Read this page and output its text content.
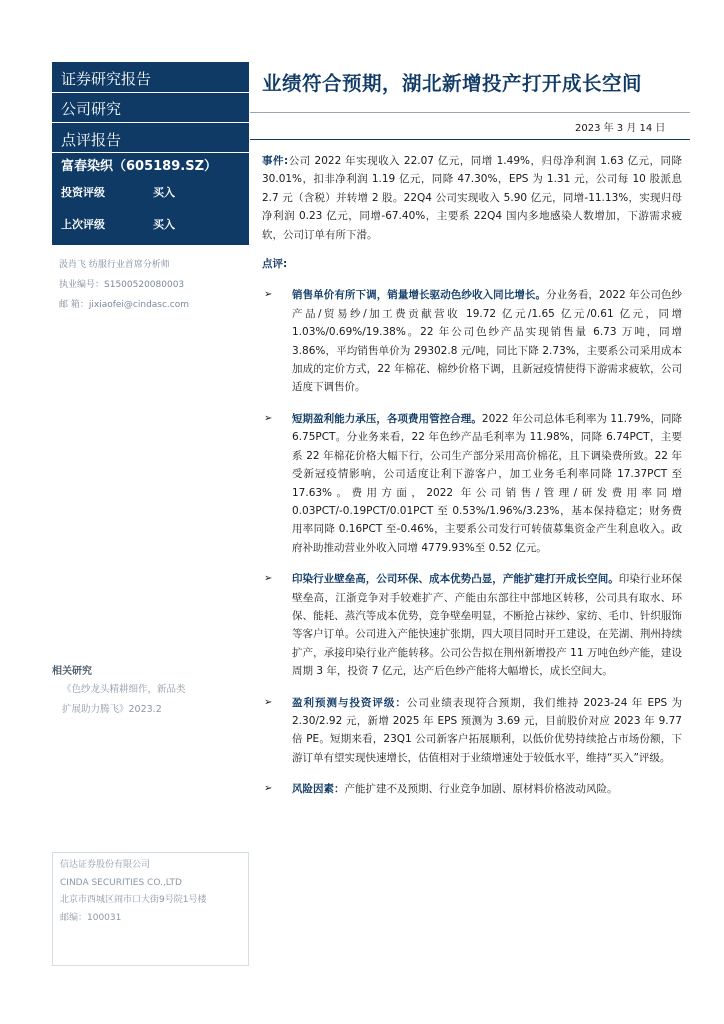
证券研究报告
公司研究
点评报告
富春染织（605189.SZ）
投资评级	买入
上次评级	买入
汲肖飞 纺服行业首席分析师
执业编号：S1500520080003
邮 箱：jixiaofei@cindasc.com
相关研究
《色纱龙头精耕细作，新品类
扩展助力腾飞》2023.2
信达证券股份有限公司
CINDA SECURITIES CO.,LTD
北京市西城区闹市口大街9号院1号楼
邮编：100031
业绩符合预期，湖北新增投产打开成长空间
2023 年 3 月 14 日
事件:公司 2022 年实现收入 22.07 亿元，同增 1.49%，归母净利润 1.63 亿元，同降 30.01%，扣非净利润 1.19 亿元，同降 47.30%，EPS 为 1.31 元，公司每 10 股派息 2.7 元（含税）并转增 2 股。22Q4 公司实现收入 5.90 亿元，同增-11.13%，实现归母净利润 0.23 亿元，同增-67.40%，主要系 22Q4 国内多地感染人数增加，下游需求疲软，公司订单有所下滑。
点评:
➢ 销售单价有所下调，销量增长驱动色纱收入同比增长。分业务看，2022 年公司色纱产品/贸易纱/加工费贡献营收 19.72 亿元/1.65 亿元/0.61 亿元，同增 1.03%/0.69%/19.38%。22 年公司色纱产品实现销售量 6.73 万吨，同增 3.86%，平均销售单价为 29302.8 元/吨，同比下降 2.73%，主要系公司采用成本加成的定价方式，22 年棉花、棉纱价格下调，且新冠疫情使得下游需求疲软，公司适度下调售价。
➢ 短期盈利能力承压，各项费用管控合理。2022 年公司总体毛利率为 11.79%，同降 6.75PCT。分业务来看，22 年色纱产品毛利率为 11.98%，同降 6.74PCT，主要系 22 年棉花价格大幅下行，公司生产部分采用高价棉花，且下调染费所致。22 年受新冠疫情影响，公司适度让利下游客户，加工业务毛利率同降 17.37PCT 至 17.63%。费用方面，2022 年公司销售/管理/研发费用率同增 0.03PCT/-0.19PCT/0.01PCT 至 0.53%/1.96%/3.23%，基本保持稳定；财务费用率同降 0.16PCT 至-0.46%，主要系公司发行可转债募集资金产生利息收入。政府补助推动营业外收入同增 4779.93%至 0.52 亿元。
➢ 印染行业壁垒高，公司环保、成本优势凸显，产能扩建打开成长空间。印染行业环保壁垒高，江浙竞争对手较难扩产、产能由东部往中部地区转移，公司具有取水、环保、能耗、蒸汽等成本优势，竞争壁垒明显，不断抢占袜纱、家纺、毛巾、针织服饰等客户订单。公司进入产能快速扩张期，四大项目同时开工建设，在芜湖、荆州持续扩产，承接印染行业产能转移。公司公告拟在荆州新增投产 11 万吨色纱产能，建设周期 3 年，投资 7 亿元，达产后色纱产能将大幅增长，成长空间大。
➢ 盈利预测与投资评级：公司业绩表现符合预期，我们维持 2023-24 年 EPS 为 2.30/2.92 元，新增 2025 年 EPS 预测为 3.69 元，目前股价对应 2023 年 9.77 倍 PE。短期来看，23Q1 公司新客户拓展顺利，以低价优势持续抢占市场份额，下游订单有望实现快速增长，估值相对于业绩增速处于较低水平，维持“买入”评级。
➢ 风险因素：产能扩建不及预期、行业竞争加剧、原材料价格波动风险。
